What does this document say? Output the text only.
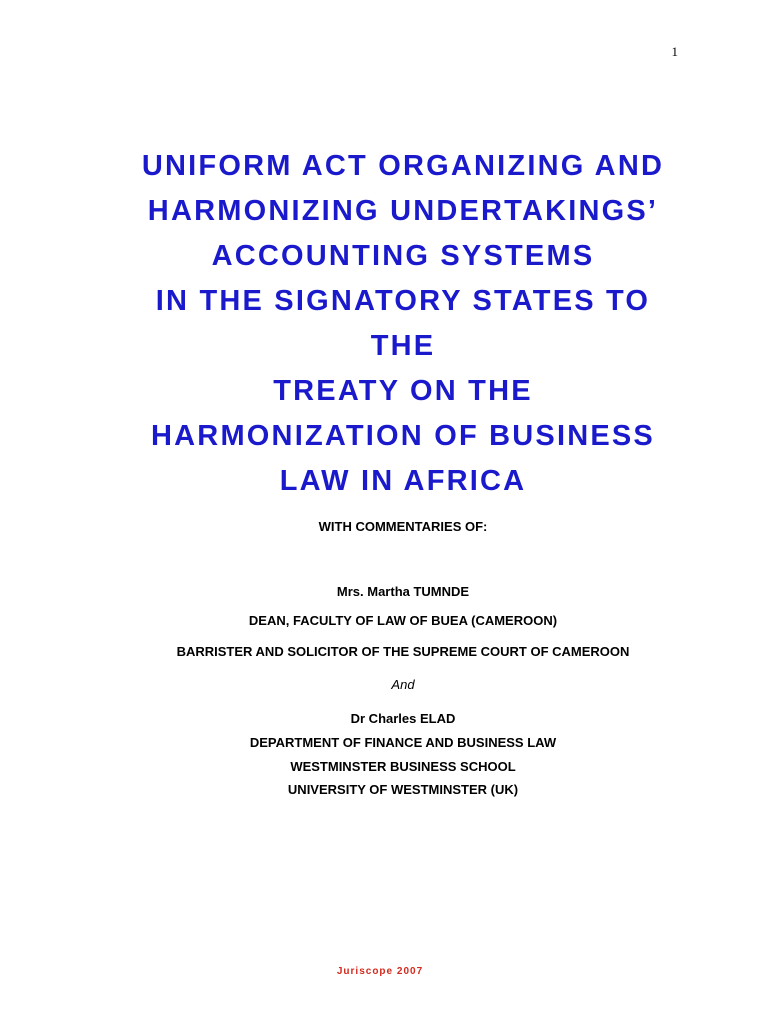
1
UNIFORM ACT ORGANIZING AND
HARMONIZING UNDERTAKINGS’
ACCOUNTING SYSTEMS
IN THE SIGNATORY STATES TO
THE
TREATY ON THE
HARMONIZATION OF BUSINESS
LAW IN AFRICA
WITH COMMENTARIES OF:
Mrs. Martha TUMNDE
DEAN, FACULTY OF LAW OF BUEA (CAMEROON)
BARRISTER AND SOLICITOR OF THE SUPREME COURT OF CAMEROON
And
Dr Charles ELAD
DEPARTMENT OF FINANCE AND BUSINESS LAW
WESTMINSTER BUSINESS SCHOOL
UNIVERSITY OF WESTMINSTER (UK)
Juriscope 2007
